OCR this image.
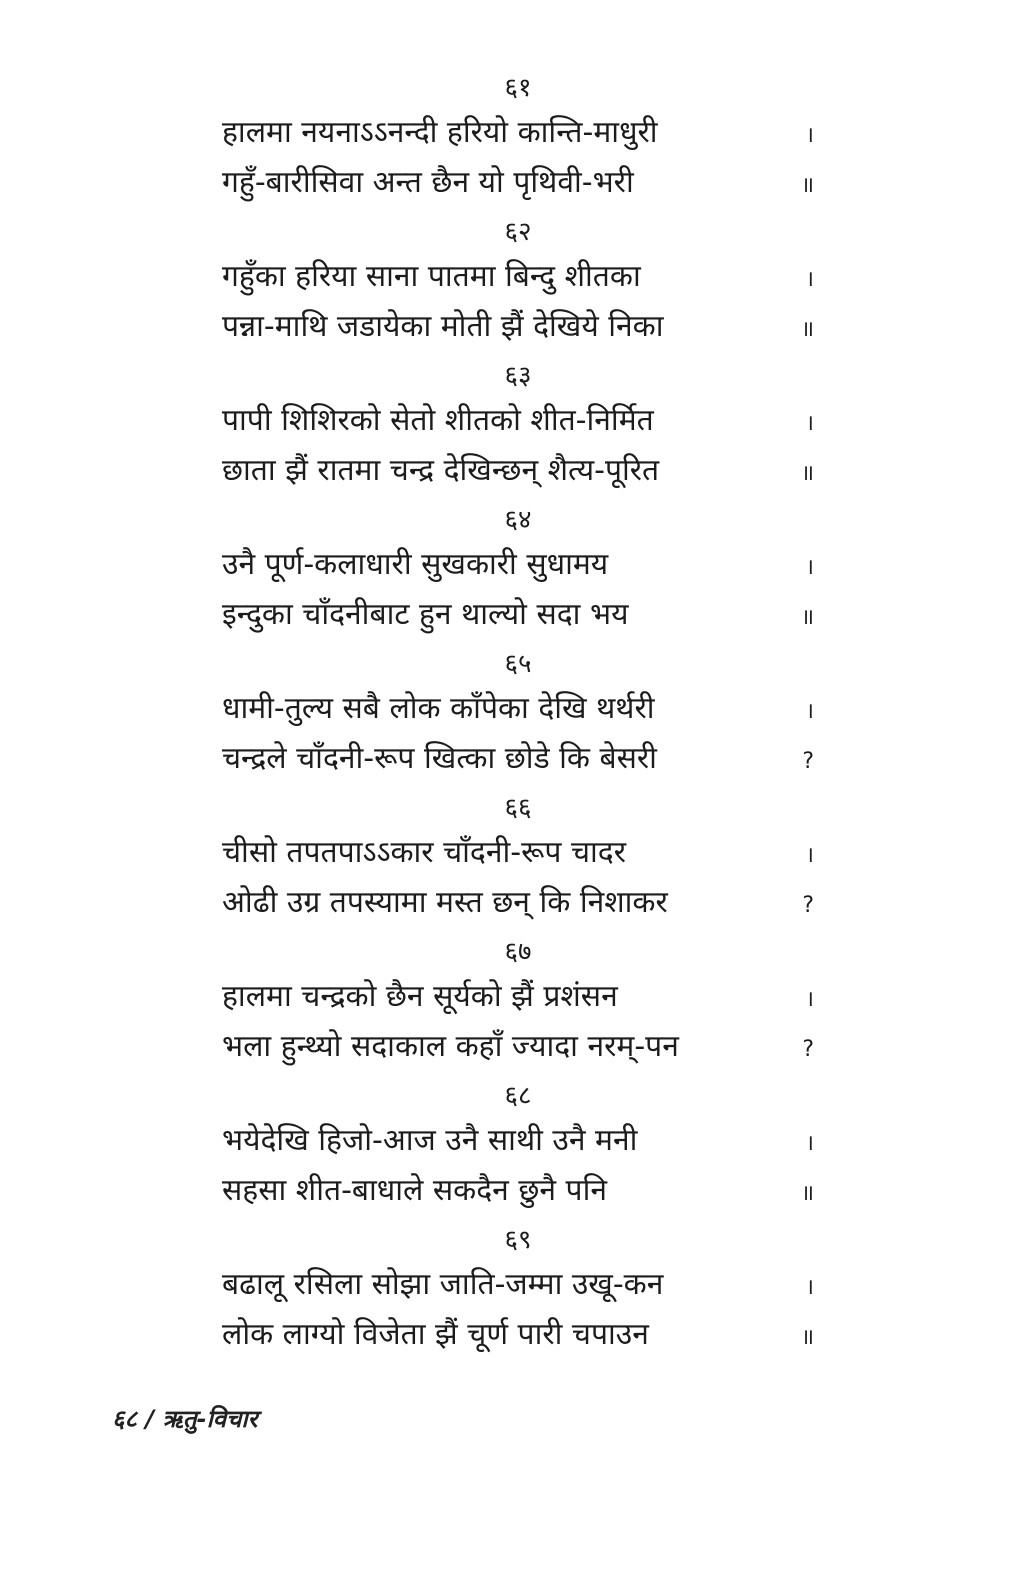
६१
हालमा नयनाऽऽनन्दी हरियो कान्ति-माधुरी	।
गहुँ-बारीसिवा अन्त छैन यो पृथिवी-भरी	॥
६२
गहुँका हरिया साना पातमा बिन्दु शीतका	।
पन्ना-माथि जडायेका मोती झैं देखिये निका	॥
६३
पापी शिशिरको सेतो शीतको शीत-निर्मित	।
छाता झैं रातमा चन्द्र देखिन्छन् शैत्य-पूरित	॥
६४
उनै पूर्ण-कलाधारी सुखकारी सुधामय	।
इन्दुका चाँदनीबाट हुन थाल्यो सदा भय	॥
६५
धामी-तुल्य सबै लोक काँपेका देखि थर्थरी	।
चन्द्रले चाँदनी-रूप खित्का छोडे कि बेसरी	?
६६
चीसो तपतपाऽऽकार चाँदनी-रूप चादर	।
ओढी उग्र तपस्यामा मस्त छन् कि निशाकर	?
६७
हालमा चन्द्रको छैन सूर्यको झैं प्रशंसन	।
भला हुन्थ्यो सदाकाल कहाँ ज्यादा नरम्-पन	?
६८
भयेदेखि हिजो-आज उनै साथी उनै मनी	।
सहसा शीत-बाधाले सकदैन छुनै पनि	॥
६९
बढालू रसिला सोझा जाति-जम्मा उखू-कन	।
लोक लाग्यो विजेता झैं चूर्ण पारी चपाउन	॥
६८ / ऋतु-विचार
